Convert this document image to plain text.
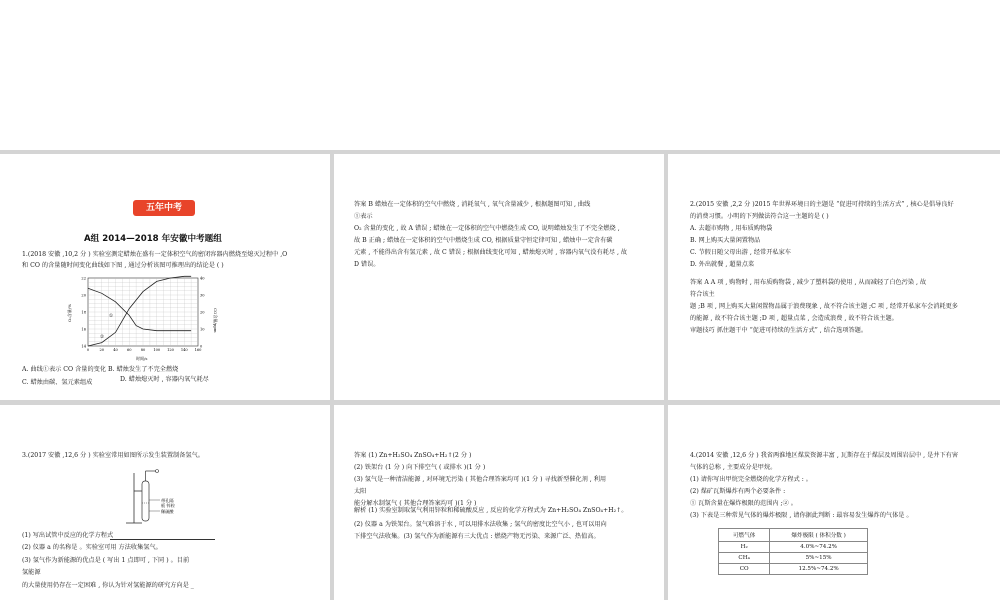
五年中考
A组 2014—2018 年安徽中考题组
1.(2018 安徽 ,10,2 分 ) 实验室测定蜡烛在盛有一定体积空气的密闭容器内燃烧至熄灭过程中 ,O
和 CO 的含量随时间变化曲线如下图 , 通过分析该图可推理出的结论是 ( )
0	20	40	60	80 100 120 140 160
14
16
18
20
22
0
10
20
30
40
①
②
时间/s
O₂含量/%	CO含量/ppm
A. 曲线①表示 CO 含量的变化 B. 蜡烛发生了不完全燃烧
C. 蜡烛由碳、氢元素组成	D. 蜡烛熄灭时 , 容器内氧气耗尽
答案 B 蜡烛在一定体积的空气中燃烧 , 消耗氧气 , 氧气含量减少 , 根据题图可知 , 曲线
①表示
O₂ 含量的变化 , 故 A 错误 ; 蜡烛在一定体积的空气中燃烧生成 CO, 说明蜡烛发生了不完全燃烧 ,
故 B 正确 ; 蜡烛在一定体积的空气中燃烧生成 CO, 根据质量守恒定律可知 , 蜡烛中一定含有碳
元素 , 不能得出含有氢元素 , 故 C 错误 ; 根据曲线变化可知 , 蜡烛熄灭时 , 容器内氧气没有耗尽 , 故
D 错误。
2.(2015 安徽 ,2,2 分 )2015 年世界环境日的主题是 “促进可持续的生活方式” , 核心是倡导良好
的消费习惯。小明的下列做法符合这一主题的是 ( )
A. 去超市购物 , 用布质购物袋
B. 网上购买大量闲置物品
C. 节假日随父母出游 , 经常开私家车
D. 外出就餐 , 超量点菜
答案 A A 项 , 购物时 , 用布质购物袋 , 减少了塑料袋的使用 , 从而减轻了白色污染 , 故
符合该主
题 ;B 项 , 网上购买大量闲置物品属于浪费现象 , 故不符合该主题 ;C 项 , 经常开私家车会消耗更多
的能源 , 故不符合该主题 ;D 项 , 超量点菜 , 会造成浪费 , 故不符合该主题。
审题技巧 抓住题干中 “促进可持续的生活方式” , 结合选项答题。
3.(2017 安徽 ,12,6 分 ) 实验室常用如图所示发生装置制备氢气。
带孔隔
板 锌粒
稀硫酸
(1) 写出试管中反应的化学方程式
(2) 仪器 a 的名称是 。实验室可用 方法收集氢气。
(3) 氢气作为新能源的优点是 ( 写出 1 点即可 , 下同 ) 。目前
氢能源
的大量使用仍存在一定困难 , 你认为针对氢能源的研究方向是 _
答案 (1) Zn+H₂SO₄ ZnSO₄+H₂↑(2 分 )
(2) 铁架台 (1 分 ) 向下排空气 ( 或排水 )(1 分 )
(3) 氢气是一种清洁能源 , 对环境无污染 ( 其他合理答案均可 )(1 分 ) 寻找新型催化剂 , 利用
太阳
能分解水制氢气 ( 其他合理答案均可 )(1 分 )
解析 (1) 实验室制取氢气利用锌粒和稀硫酸反应 , 反应的化学方程式为 Zn+H₂SO₄ ZnSO₄+H₂↑。
(2) 仪器 a 为铁架台。氢气难溶于水 , 可以用排水法收集 ; 氢气的密度比空气小 , 也可以用向
下排空气法收集。(3) 氢气作为新能源有三大优点 : 燃烧产物无污染、来源广泛、热值高。
4.(2014 安徽 ,12,6 分 ) 我省两淮地区煤炭资源丰富 , 瓦斯存在于煤层及周围岩层中 , 是井下有害
气体的总称 , 主要成分是甲烷。
(1) 请你写出甲烷完全燃烧的化学方程式 : 。
(2) 煤矿瓦斯爆炸有两个必要条件 :
① 瓦斯含量在爆炸极限的范围内 ;② 。
(3) 下表是三种常见气体的爆炸极限 , 请你据此判断 : 最容易发生爆炸的气体是 。
可燃气体	爆炸极限 ( 体积分数 )
H₂	4.0%~74.2%
CH₄	5%~15%
CO	12.5%~74.2%
